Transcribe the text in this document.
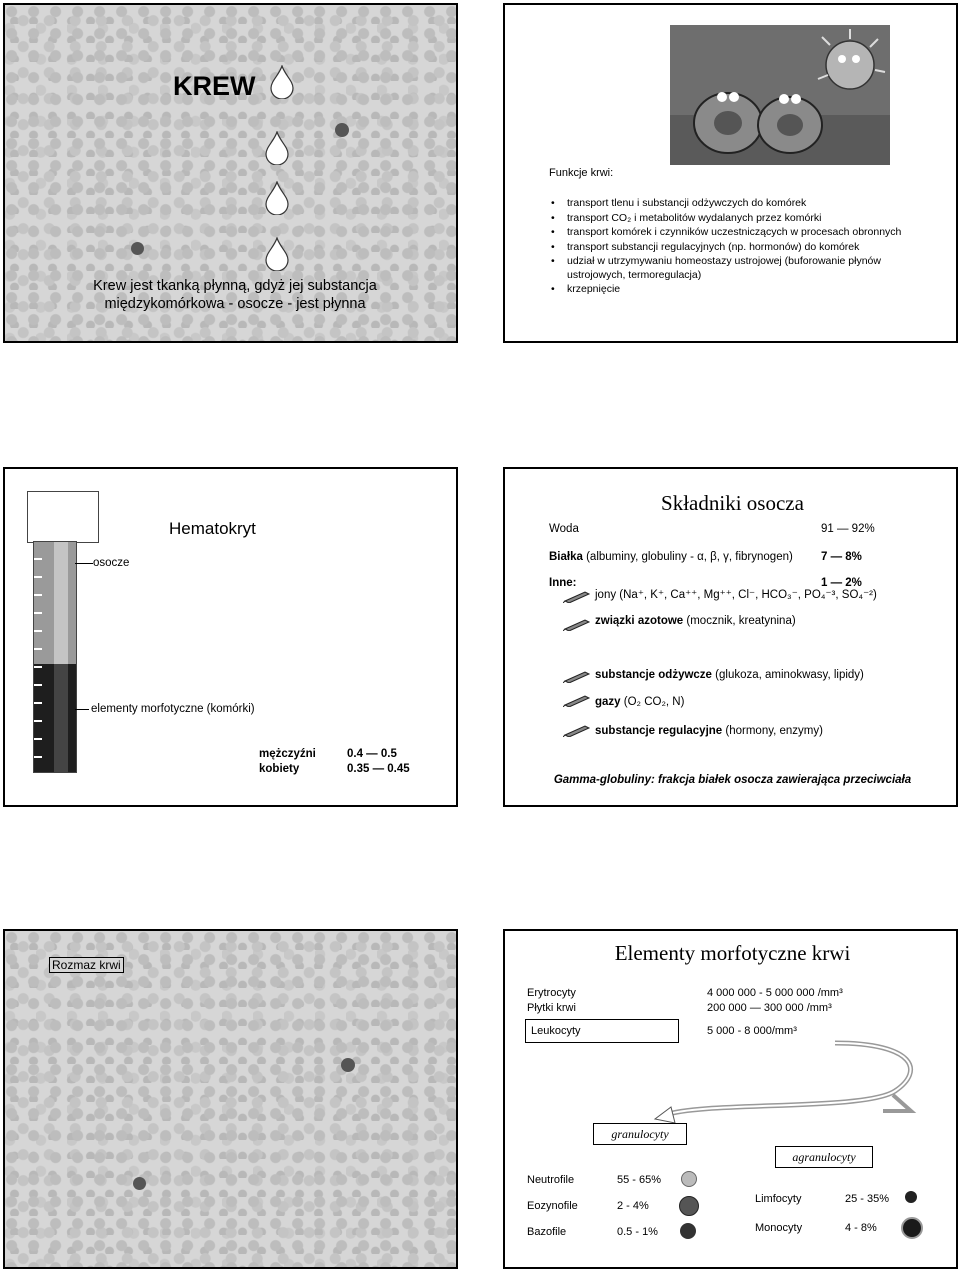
KREW
Krew jest tkanką płynną, gdyż jej substancja
międzykomórkowa - osocze - jest płynna
Funkcje krwi:
• transport tlenu i substancji odżywczych do komórek
• transport CO₂ i metabolitów wydalanych przez komórki
• transport komórek i czynników uczestniczących w procesach obronnych
• transport substancji regulacyjnych (np. hormonów) do komórek
• udział w utrzymywaniu homeostazy ustrojowej (buforowanie płynów ustrojowych, termoregulacja)
• krzepnięcie
Hematokryt
osocze
elementy morfotyczne (komórki)
mężczyźni	0.4 — 0.5
kobiety	0.35 — 0.45
Składniki osocza
Woda	91 — 92%
Białka (albuminy, globuliny - α, β, γ, fibrynogen) 7 — 8%
Inne:	1 — 2%
jony (Na⁺, K⁺, Ca⁺⁺, Mg⁺⁺, Cl⁻, HCO₃⁻, PO₄⁻³, SO₄⁻²)
związki azotowe (mocznik, kreatynina)
substancje odżywcze (glukoza, aminokwasy, lipidy)
gazy (O₂ CO₂, N)
substancje regulacyjne (hormony, enzymy)
Gamma-globuliny: frakcja białek osocza zawierająca przeciwciała
Rozmaz krwi	Elementy morfotyczne krwi
Erytrocyty	4 000 000 - 5 000 000 /mm³
Płytki krwi	200 000 — 300 000 /mm³
Leukocyty	5 000 - 8 000/mm³
granulocyty
agranulocyty
Neutrofile	55 - 65%
Eozynofile	2 - 4%
Bazofile	0.5 - 1%
Limfocyty	25 - 35%
Monocyty	4 - 8%
